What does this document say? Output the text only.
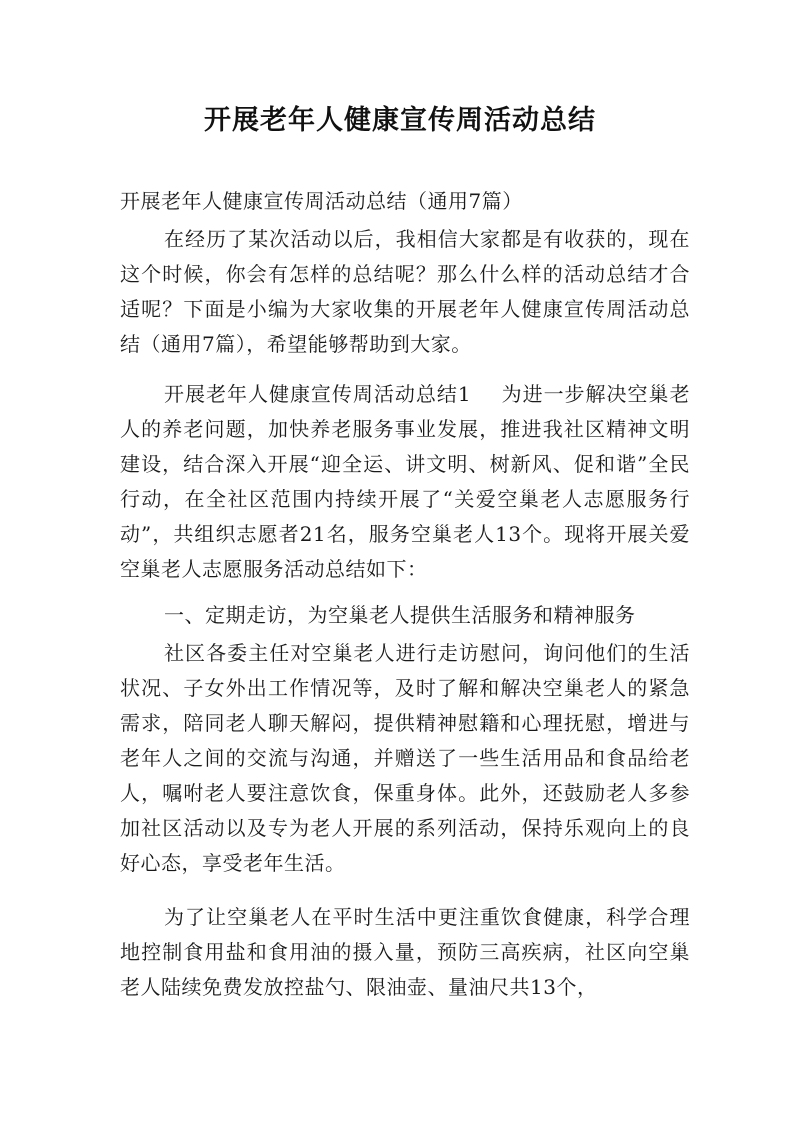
开展老年人健康宣传周活动总结
开展老年人健康宣传周活动总结（通用7篇）
在经历了某次活动以后，我相信大家都是有收获的，现在这个时候，你会有怎样的总结呢？那么什么样的活动总结才合适呢？下面是小编为大家收集的开展老年人健康宣传周活动总结（通用7篇），希望能够帮助到大家。
开展老年人健康宣传周活动总结1 为进一步解决空巢老人的养老问题，加快养老服务事业发展，推进我社区精神文明建设，结合深入开展“迎全运、讲文明、树新风、促和谐”全民行动，在全社区范围内持续开展了“关爱空巢老人志愿服务行动”，共组织志愿者21名，服务空巢老人13个。现将开展关爱空巢老人志愿服务活动总结如下：
一、定期走访，为空巢老人提供生活服务和精神服务
社区各委主任对空巢老人进行走访慰问，询问他们的生活状况、子女外出工作情况等，及时了解和解决空巢老人的紧急需求，陪同老人聊天解闷，提供精神慰籍和心理抚慰，增进与老年人之间的交流与沟通，并赠送了一些生活用品和食品给老人，嘱咐老人要注意饮食，保重身体。此外，还鼓励老人多参加社区活动以及专为老人开展的系列活动，保持乐观向上的良好心态，享受老年生活。
为了让空巢老人在平时生活中更注重饮食健康，科学合理地控制食用盐和食用油的摄入量，预防三高疾病，社区向空巢老人陆续免费发放控盐勺、限油壶、量油尺共13个，
